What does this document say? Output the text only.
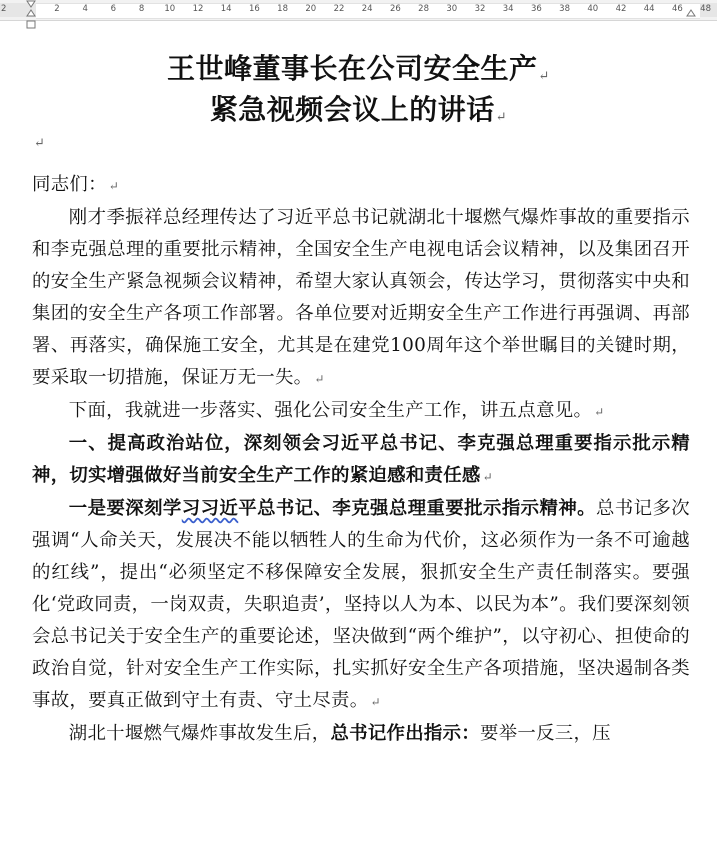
2	2	4	6	8 10 12 14 16 18 20 22 24 26 28 30 32 34 36 38 40 42 44 46 48
王世峰董事长在公司安全生产↵
紧急视频会议上的讲话↵
↵

同志们： ↵

刚才季振祥总经理传达了习近平总书记就湖北十堰燃气爆炸事故的重要指示和李克强总理的重要批示精神，全国安全生产电视电话会议精神，以及集团召开的安全生产紧急视频会议精神，希望大家认真领会，传达学习，贯彻落实中央和集团的安全生产各项工作部署。各单位要对近期安全生产工作进行再强调、再部署、再落实，确保施工安全，尤其是在建党100周年这个举世瞩目的关键时期，要采取一切措施，保证万无一失。 ↵

下面，我就进一步落实、强化公司安全生产工作，讲五点意见。 ↵

一、提高政治站位，深刻领会习近平总书记、李克强总理重要指示批示精神，切实增强做好当前安全生产工作的紧迫感和责任感 ↵

一是要深刻学习习近平总书记、李克强总理重要批示指示精神。总书记多次强调“人命关天，发展决不能以牺牲人的生命为代价，这必须作为一条不可逾越的红线”，提出“必须坚定不移保障安全发展，狠抓安全生产责任制落实。要强化‘党政同责，一岗双责，失职追责’，坚持以人为本、以民为本”。我们要深刻领会总书记关于安全生产的重要论述，坚决做到“两个维护”，以守初心、担使命的政治自觉，针对安全生产工作实际，扎实抓好安全生产各项措施，坚决遏制各类事故，要真正做到守土有责、守土尽责。 ↵

湖北十堰燃气爆炸事故发生后，总书记作出指示：要举一反三，压
